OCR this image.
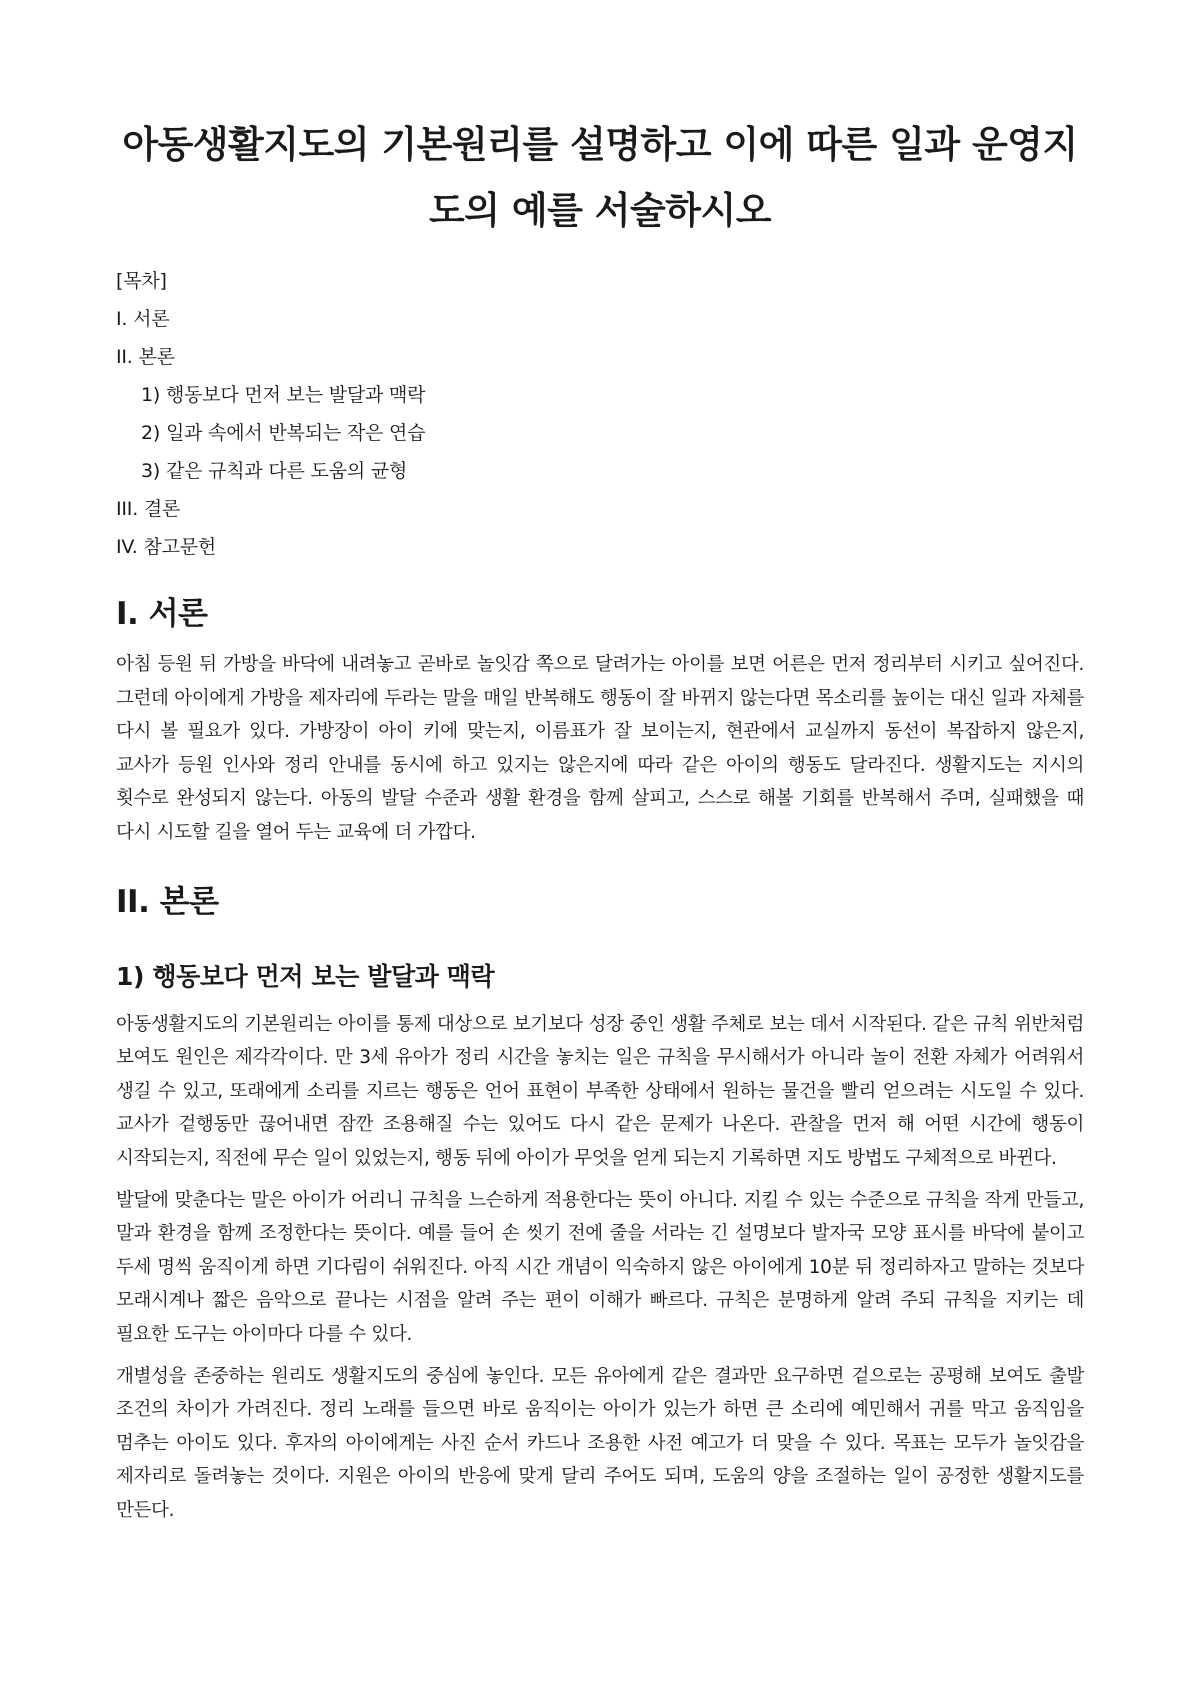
아동생활지도의 기본원리를 설명하고 이에 따른 일과 운영지도의 예를 서술하시오
[목차]
I. 서론
II. 본론
1) 행동보다 먼저 보는 발달과 맥락
2) 일과 속에서 반복되는 작은 연습
3) 같은 규칙과 다른 도움의 균형
III. 결론
IV. 참고문헌
I. 서론

아침 등원 뒤 가방을 바닥에 내려놓고 곧바로 놀잇감 쪽으로 달려가는 아이를 보면 어른은 먼저 정리부터 시키고 싶어진다. 그런데 아이에게 가방을 제자리에 두라는 말을 매일 반복해도 행동이 잘 바뀌지 않는다면 목소리를 높이는 대신 일과 자체를 다시 볼 필요가 있다. 가방장이 아이 키에 맞는지, 이름표가 잘 보이는지, 현관에서 교실까지 동선이 복잡하지 않은지, 교사가 등원 인사와 정리 안내를 동시에 하고 있지는 않은지에 따라 같은 아이의 행동도 달라진다. 생활지도는 지시의 횟수로 완성되지 않는다. 아동의 발달 수준과 생활 환경을 함께 살피고, 스스로 해볼 기회를 반복해서 주며, 실패했을 때 다시 시도할 길을 열어 두는 교육에 더 가깝다.

II. 본론
1) 행동보다 먼저 보는 발달과 맥락

아동생활지도의 기본원리는 아이를 통제 대상으로 보기보다 성장 중인 생활 주체로 보는 데서 시작된다. 같은 규칙 위반처럼 보여도 원인은 제각각이다. 만 3세 유아가 정리 시간을 놓치는 일은 규칙을 무시해서가 아니라 놀이 전환 자체가 어려워서 생길 수 있고, 또래에게 소리를 지르는 행동은 언어 표현이 부족한 상태에서 원하는 물건을 빨리 얻으려는 시도일 수 있다. 교사가 겉행동만 끊어내면 잠깐 조용해질 수는 있어도 다시 같은 문제가 나온다. 관찰을 먼저 해 어떤 시간에 행동이 시작되는지, 직전에 무슨 일이 있었는지, 행동 뒤에 아이가 무엇을 얻게 되는지 기록하면 지도 방법도 구체적으로 바뀐다.

발달에 맞춘다는 말은 아이가 어리니 규칙을 느슨하게 적용한다는 뜻이 아니다. 지킬 수 있는 수준으로 규칙을 작게 만들고, 말과 환경을 함께 조정한다는 뜻이다. 예를 들어 손 씻기 전에 줄을 서라는 긴 설명보다 발자국 모양 표시를 바닥에 붙이고 두세 명씩 움직이게 하면 기다림이 쉬워진다. 아직 시간 개념이 익숙하지 않은 아이에게 10분 뒤 정리하자고 말하는 것보다 모래시계나 짧은 음악으로 끝나는 시점을 알려 주는 편이 이해가 빠르다. 규칙은 분명하게 알려 주되 규칙을 지키는 데 필요한 도구는 아이마다 다를 수 있다.

개별성을 존중하는 원리도 생활지도의 중심에 놓인다. 모든 유아에게 같은 결과만 요구하면 겉으로는 공평해 보여도 출발 조건의 차이가 가려진다. 정리 노래를 들으면 바로 움직이는 아이가 있는가 하면 큰 소리에 예민해서 귀를 막고 움직임을 멈추는 아이도 있다. 후자의 아이에게는 사진 순서 카드나 조용한 사전 예고가 더 맞을 수 있다. 목표는 모두가 놀잇감을 제자리로 돌려놓는 것이다. 지원은 아이의 반응에 맞게 달리 주어도 되며, 도움의 양을 조절하는 일이 공정한 생활지도를 만든다.
